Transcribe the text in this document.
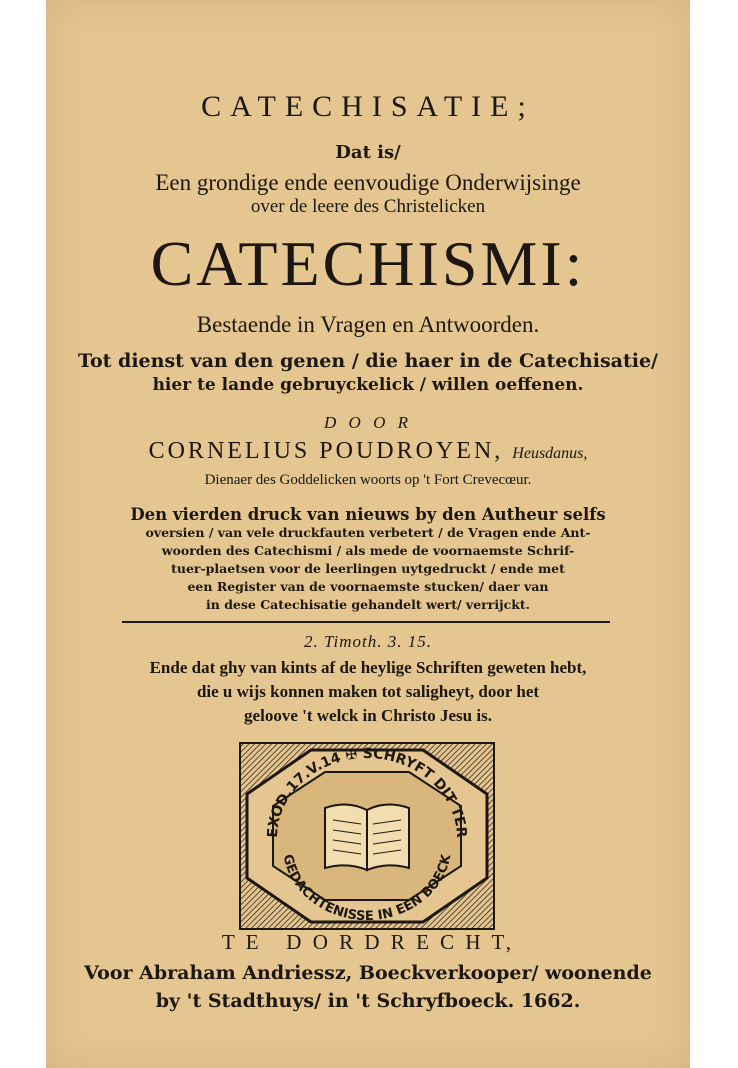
CATECHISATIE;
Dat is/
Een grondige ende eenvoudige Onderwijsinge
over de leere des Christelicken
CATECHISMI:
Bestaende in Vragen en Antwoorden.
Tot dienst van den genen / die haer in de Catechisatie/
hier te lande gebruyckelick / willen oeffenen.
D O O R
CORNELIUS POUDROYEN, Heusdanus,
Dienaer des Goddelicken woorts op 't Fort Crevecœur.
Den vierden druck van nieuws by den Autheur selfs
oversien / van vele druckfauten verbetert / de Vragen ende Ant-
woorden des Catechismi / als mede de voornaemste Schrif-
tuer-plaetsen voor de leerlingen uytgedruckt / ende met
een Register van de voornaemste stucken/ daer van
in dese Catechisatie gehandelt wert/ verrijckt.
2. Timoth. 3. 15.
Ende dat ghy van kints af de heylige Schriften geweten hebt,
die u wijs konnen maken tot saligheyt, door het
geloove 't welck in Christo Jesu is.
EXOD.17.V.14 ✠ SCHRYFT DIT TER
GEDACHTENISSE IN EEN BOECK
T E   D O R D R E C H T,
Voor Abraham Andriessz, Boeckverkooper/ woonende
by 't Stadthuys/ in 't Schryfboeck. 1662.
